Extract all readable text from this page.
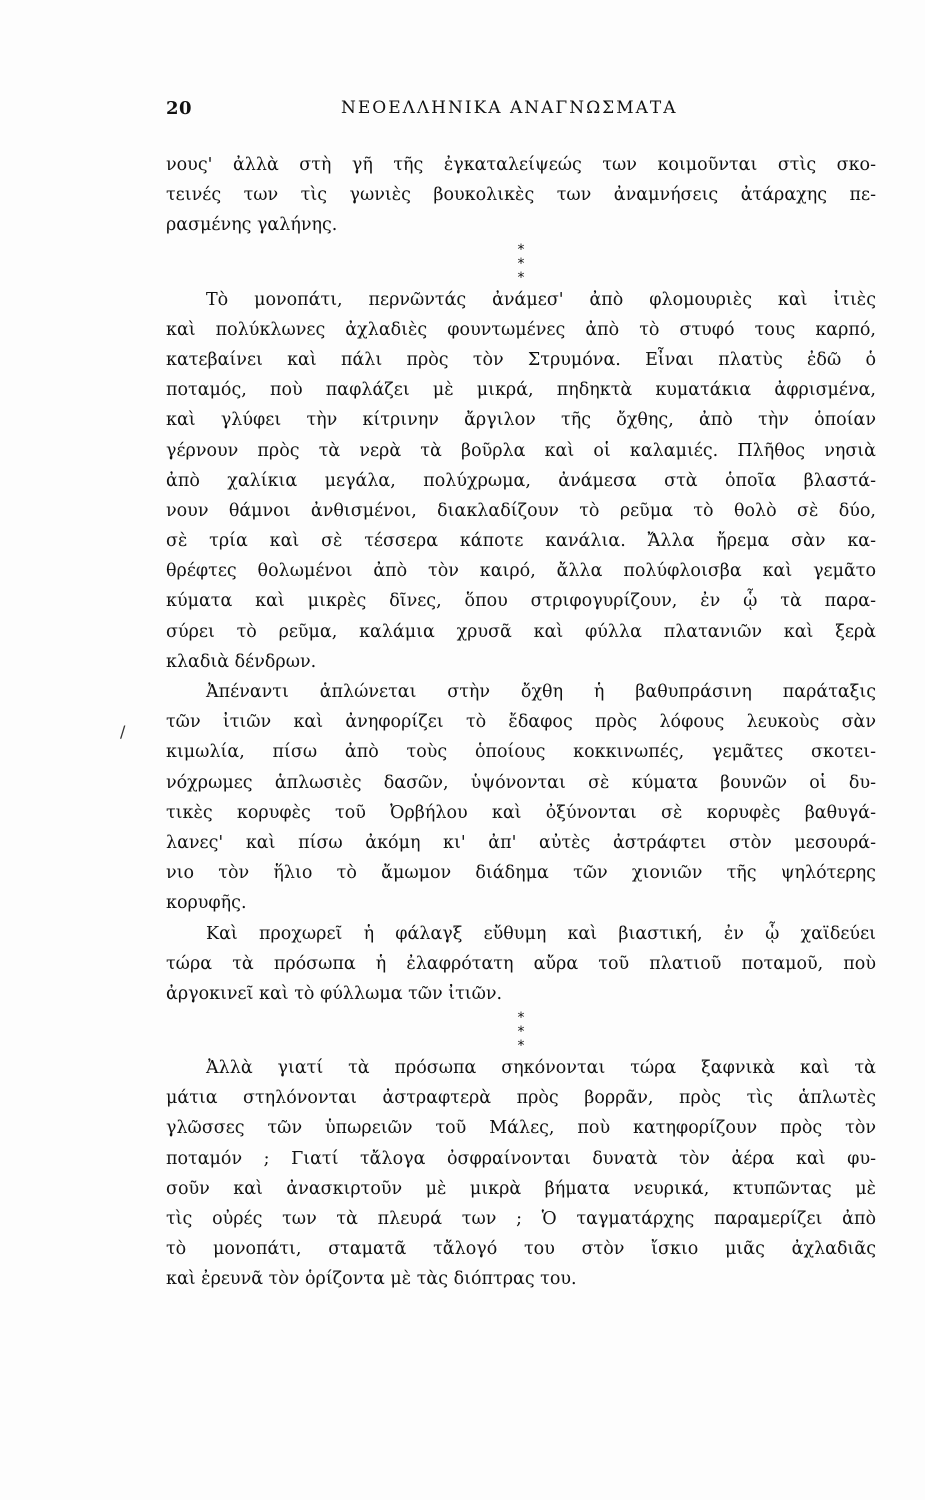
20	ΝΕΟΕΛΛΗΝΙΚΑ ΑΝΑΓΝΩΣΜΑΤΑ
/
νους' ἀλλὰ στὴ γῆ τῆς ἐγκαταλείψεώς των κοιμοῦνται στὶς σκο-
τεινές των τὶς γωνιὲς βουκολικὲς των ἀναμνήσεις ἀτάραχης πε-
ρασμένης γαλήνης.
*
* *
Τὸ μονοπάτι, περνῶντάς ἀνάμεσ' ἀπὸ φλομουριὲς καὶ ἰτιὲς
καὶ πολύκλωνες ἀχλαδιὲς φουντωμένες ἀπὸ τὸ στυφό τους καρπό,
κατεβαίνει καὶ πάλι πρὸς τὸν Στρυμόνα. Εἶναι πλατὺς ἐδῶ ὁ
ποταμός, ποὺ παφλάζει μὲ μικρά, πηδηκτὰ κυματάκια ἀφρισμένα,
καὶ γλύφει τὴν κίτρινην ἄργιλον τῆς ὄχθης, ἀπὸ τὴν ὁποίαν
γέρνουν πρὸς τὰ νερὰ τὰ βοῦρλα καὶ οἱ καλαμιές. Πλῆθος νησιὰ
ἀπὸ χαλίκια μεγάλα, πολύχρωμα, ἀνάμεσα στὰ ὁποῖα βλαστά-
νουν θάμνοι ἀνθισμένοι, διακλαδίζουν τὸ ρεῦμα τὸ θολὸ σὲ δύο,
σὲ τρία καὶ σὲ τέσσερα κάποτε κανάλια. Ἄλλα ἤρεμα σὰν κα-
θρέφτες θολωμένοι ἀπὸ τὸν καιρό, ἄλλα πολύφλοισβα καὶ γεμᾶτο
κύματα καὶ μικρὲς δῖνες, ὅπου στριφογυρίζουν, ἐν ᾧ τὰ παρα-
σύρει τὸ ρεῦμα, καλάμια χρυσᾶ καὶ φύλλα πλατανιῶν καὶ ξερὰ
κλαδιὰ δένδρων.
Ἀπέναντι ἁπλώνεται στὴν ὄχθη ἡ βαθυπράσινη παράταξις
τῶν ἰτιῶν καὶ ἀνηφορίζει τὸ ἔδαφος πρὸς λόφους λευκοὺς σὰν
κιμωλία, πίσω ἀπὸ τοὺς ὁποίους κοκκινωπές, γεμᾶτες σκοτει-
νόχρωμες ἁπλωσιὲς δασῶν, ὑψόνονται σὲ κύματα βουνῶν οἱ δυ-
τικὲς κορυφὲς τοῦ Ὀρβήλου καὶ ὀξύνονται σὲ κορυφὲς βαθυγά-
λανες' καὶ πίσω ἀκόμη κι' ἀπ' αὐτὲς ἀστράφτει στὸν μεσουρά-
νιο τὸν ἥλιο τὸ ἄμωμον διάδημα τῶν χιονιῶν τῆς ψηλότερης
κορυφῆς.
Καὶ προχωρεῖ ἡ φάλαγξ εὔθυμη καὶ βιαστική, ἐν ᾧ χαϊδεύει
τώρα τὰ πρόσωπα ἡ ἐλαφρότατη αὔρα τοῦ πλατιοῦ ποταμοῦ, ποὺ
ἀργοκινεῖ καὶ τὸ φύλλωμα τῶν ἰτιῶν.
*
* *
Ἀλλὰ γιατί τὰ πρόσωπα σηκόνονται τώρα ξαφνικὰ καὶ τὰ
μάτια στηλόνονται ἀστραφτερὰ πρὸς βορρᾶν, πρὸς τὶς ἁπλωτὲς
γλῶσσες τῶν ὑπωρειῶν τοῦ Μάλες, ποὺ κατηφορίζουν πρὸς τὸν
ποταμόν ; Γιατί τἄλογα ὀσφραίνονται δυνατὰ τὸν ἀέρα καὶ φυ-
σοῦν καὶ ἀνασκιρτοῦν μὲ μικρὰ βήματα νευρικά, κτυπῶντας μὲ
τὶς οὐρές των τὰ πλευρά των ; Ὁ ταγματάρχης παραμερίζει ἀπὸ
τὸ μονοπάτι, σταματᾶ τἄλογό του στὸν ἴσκιο μιᾶς ἀχλαδιᾶς
καὶ ἐρευνᾶ τὸν ὁρίζοντα μὲ τὰς διόπτρας του.
